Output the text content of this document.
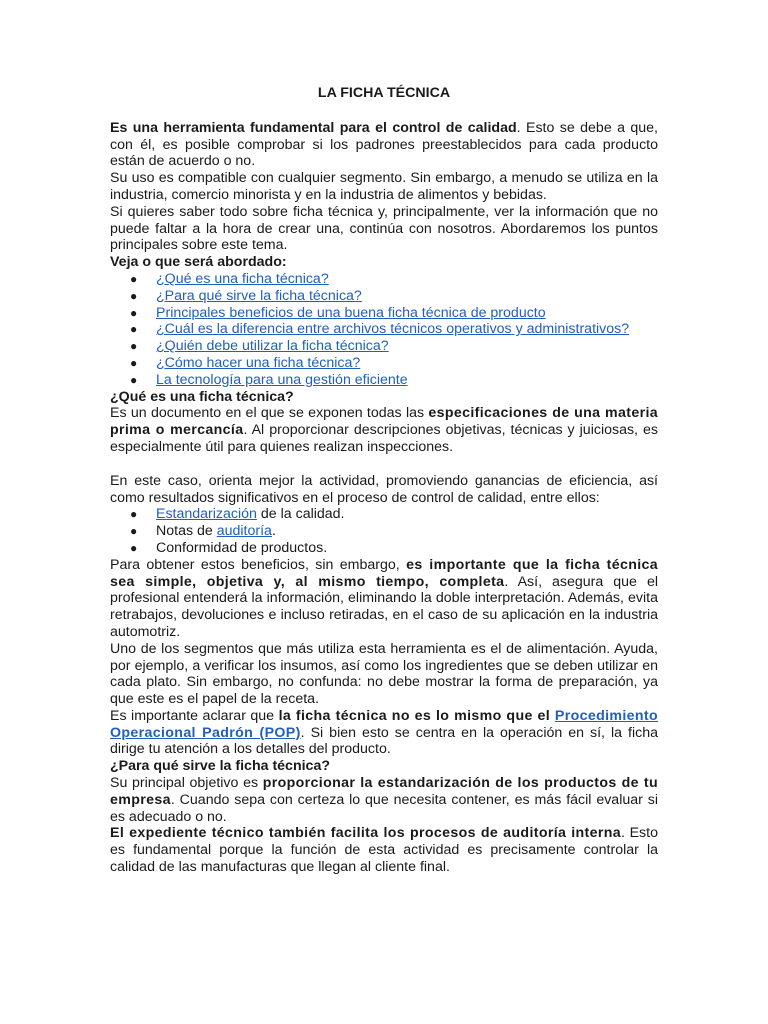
LA FICHA TÉCNICA

Es una herramienta fundamental para el control de calidad. Esto se debe a que, con él, es posible comprobar si los padrones preestablecidos para cada producto están de acuerdo o no.

Su uso es compatible con cualquier segmento. Sin embargo, a menudo se utiliza en la industria, comercio minorista y en la industria de alimentos y bebidas.

Si quieres saber todo sobre ficha técnica y, principalmente, ver la información que no puede faltar a la hora de crear una, continúa con nosotros. Abordaremos los puntos principales sobre este tema.

Veja o que será abordado:

● ¿Qué es una ficha técnica?
● ¿Para qué sirve la ficha técnica?
● Principales beneficios de una buena ficha técnica de producto
● ¿Cuál es la diferencia entre archivos técnicos operativos y administrativos?
● ¿Quién debe utilizar la ficha técnica?
● ¿Cómo hacer una ficha técnica?
● La tecnología para una gestión eficiente

¿Qué es una ficha técnica?

Es un documento en el que se exponen todas las especificaciones de una materia prima o mercancía. Al proporcionar descripciones objetivas, técnicas y juiciosas, es especialmente útil para quienes realizan inspecciones.

En este caso, orienta mejor la actividad, promoviendo ganancias de eficiencia, así como resultados significativos en el proceso de control de calidad, entre ellos:

● Estandarización de la calidad.
● Notas de auditoría.
● Conformidad de productos.

Para obtener estos beneficios, sin embargo, es importante que la ficha técnica sea simple, objetiva y, al mismo tiempo, completa. Así, asegura que el profesional entenderá la información, eliminando la doble interpretación. Además, evita retrabajos, devoluciones e incluso retiradas, en el caso de su aplicación en la industria automotriz.

Uno de los segmentos que más utiliza esta herramienta es el de alimentación. Ayuda, por ejemplo, a verificar los insumos, así como los ingredientes que se deben utilizar en cada plato. Sin embargo, no confunda: no debe mostrar la forma de preparación, ya que este es el papel de la receta.

Es importante aclarar que la ficha técnica no es lo mismo que el Procedimiento Operacional Padrón (POP). Si bien esto se centra en la operación en sí, la ficha dirige tu atención a los detalles del producto.

¿Para qué sirve la ficha técnica?

Su principal objetivo es proporcionar la estandarización de los productos de tu empresa. Cuando sepa con certeza lo que necesita contener, es más fácil evaluar si es adecuado o no.

El expediente técnico también facilita los procesos de auditoría interna. Esto es fundamental porque la función de esta actividad es precisamente controlar la calidad de las manufacturas que llegan al cliente final.
